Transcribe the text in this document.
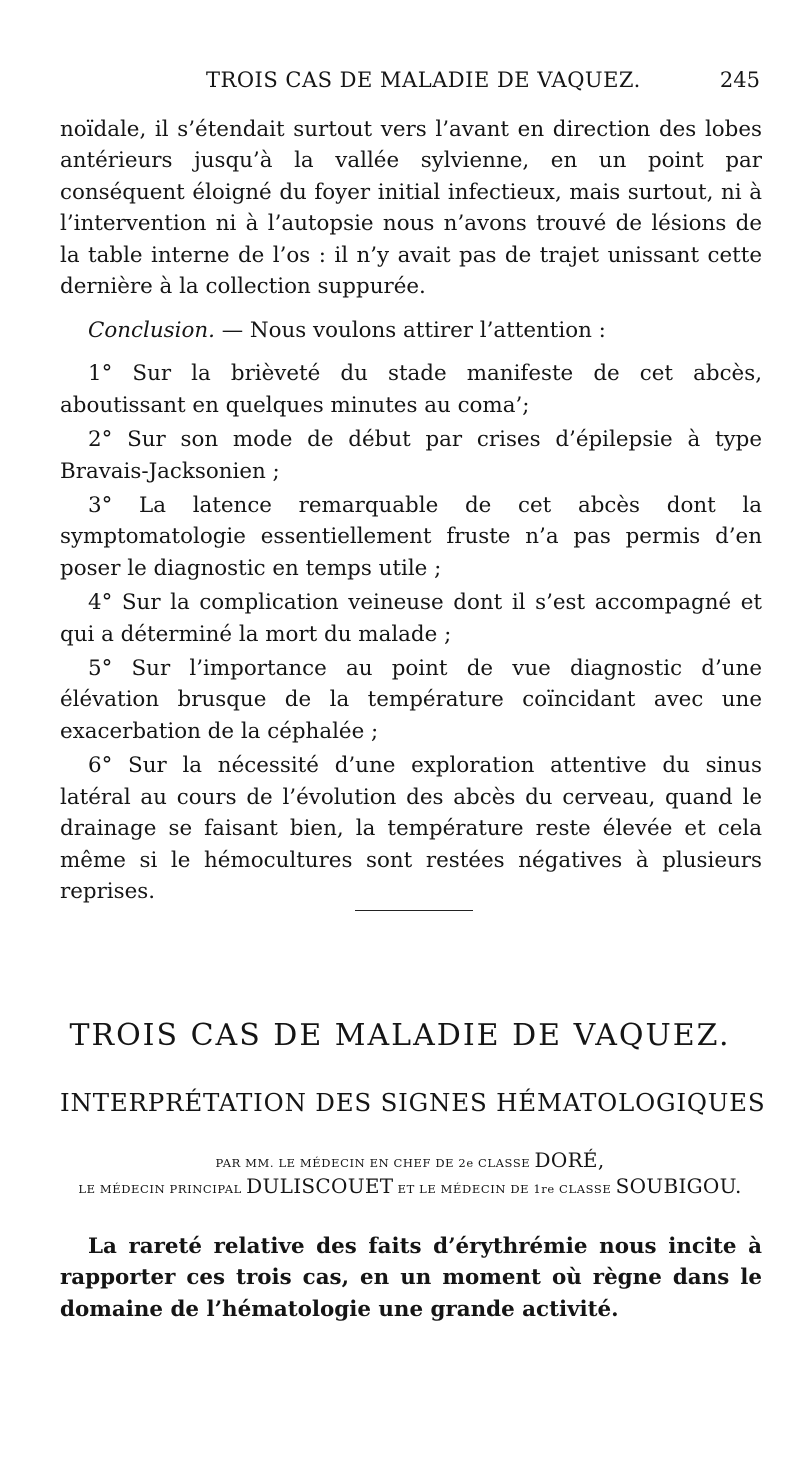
TROIS CAS DE MALADIE DE VAQUEZ.	245
noïdale, il s’étendait surtout vers l’avant en direction des lobes antérieurs jusqu’à la vallée sylvienne, en un point par conséquent éloigné du foyer initial infectieux, mais surtout, ni à l’intervention ni à l’autopsie nous n’avons trouvé de lésions de la table interne de l’os : il n’y avait pas de trajet unissant cette dernière à la collection suppurée.

Conclusion. — Nous voulons attirer l’attention :

1° Sur la brièveté du stade manifeste de cet abcès, aboutissant en quelques minutes au coma’;

2° Sur son mode de début par crises d’épilepsie à type Bravais-Jacksonien ;

3° La latence remarquable de cet abcès dont la symptomatologie essentiellement fruste n’a pas permis d’en poser le diagnostic en temps utile ;

4° Sur la complication veineuse dont il s’est accompagné et qui a déterminé la mort du malade ;

5° Sur l’importance au point de vue diagnostic d’une élévation brusque de la température coïncidant avec une exacerbation de la céphalée ;

6° Sur la nécessité d’une exploration attentive du sinus latéral au cours de l’évolution des abcès du cerveau, quand le drainage se faisant bien, la température reste élevée et cela même si le hémocultures sont restées négatives à plusieurs reprises.

TROIS CAS DE MALADIE DE VAQUEZ.
INTERPRÉTATION DES SIGNES HÉMATOLOGIQUES
PAR MM. LE MÉDECIN EN CHEF DE 2e CLASSE DORÉ,
LE MÉDECIN PRINCIPAL DULISCOUET ET LE MÉDECIN DE 1re CLASSE SOUBIGOU.

La rareté relative des faits d’érythrémie nous incite à rapporter ces trois cas, en un moment où règne dans le domaine de l’hématologie une grande activité.
